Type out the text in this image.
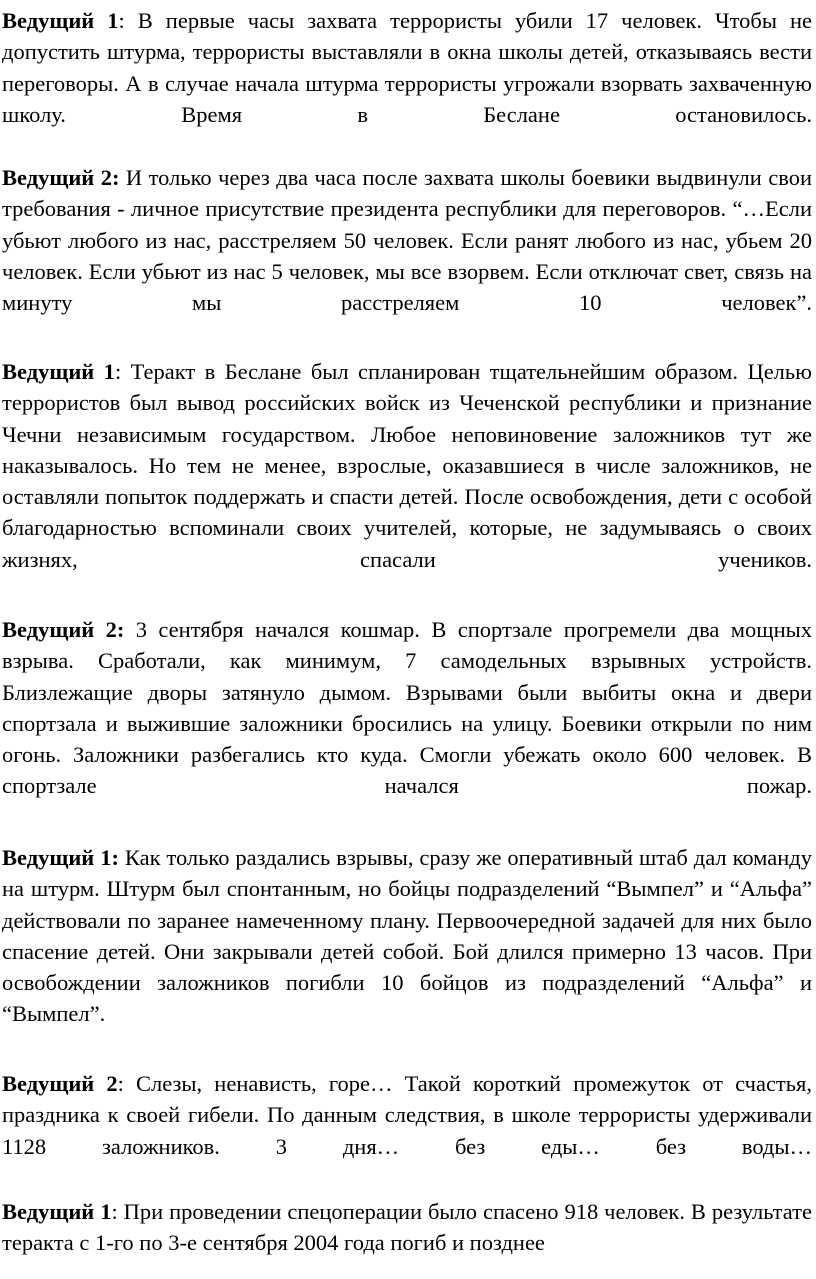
Ведущий 1: В первые часы захвата террористы убили 17 человек. Чтобы не допустить штурма, террористы выставляли в окна школы детей, отказываясь вести переговоры. А в случае начала штурма террористы угрожали взорвать захваченную школу. Время в Беслане остановилось.

Ведущий 2: И только через два часа после захвата школы боевики выдвинули свои требования - личное присутствие президента республики для переговоров. “…Если убьют любого из нас, расстреляем 50 человек. Если ранят любого из нас, убьем 20 человек. Если убьют из нас 5 человек, мы все взорвем. Если отключат свет, связь на минуту мы расстреляем 10 человек”.

Ведущий 1: Теракт в Беслане был спланирован тщательнейшим образом. Целью террористов был вывод российских войск из Чеченской республики и признание Чечни независимым государством. Любое неповиновение заложников тут же наказывалось. Но тем не менее, взрослые, оказавшиеся в числе заложников, не оставляли попыток поддержать и спасти детей. После освобождения, дети с особой благодарностью вспоминали своих учителей, которые, не задумываясь о своих жизнях, спасали учеников.

Ведущий 2: 3 сентября начался кошмар. В спортзале прогремели два мощных взрыва. Сработали, как минимум, 7 самодельных взрывных устройств. Близлежащие дворы затянуло дымом. Взрывами были выбиты окна и двери спортзала и выжившие заложники бросились на улицу. Боевики открыли по ним огонь. Заложники разбегались кто куда. Смогли убежать около 600 человек. В спортзале начался пожар.

Ведущий 1: Как только раздались взрывы, сразу же оперативный штаб дал команду на штурм. Штурм был спонтанным, но бойцы подразделений “Вымпел” и “Альфа” действовали по заранее намеченному плану. Первоочередной задачей для них было спасение детей. Они закрывали детей собой. Бой длился примерно 13 часов. При освобождении заложников погибли 10 бойцов из подразделений “Альфа” и “Вымпел”.

Ведущий 2: Слезы, ненависть, горе… Такой короткий промежуток от счастья, праздника к своей гибели. По данным следствия, в школе террористы удерживали 1128 заложников. 3 дня… без еды… без воды…

Ведущий 1: При проведении спецоперации было спасено 918 человек. В результате теракта с 1-го по 3-е сентября 2004 года погиб и позднее
